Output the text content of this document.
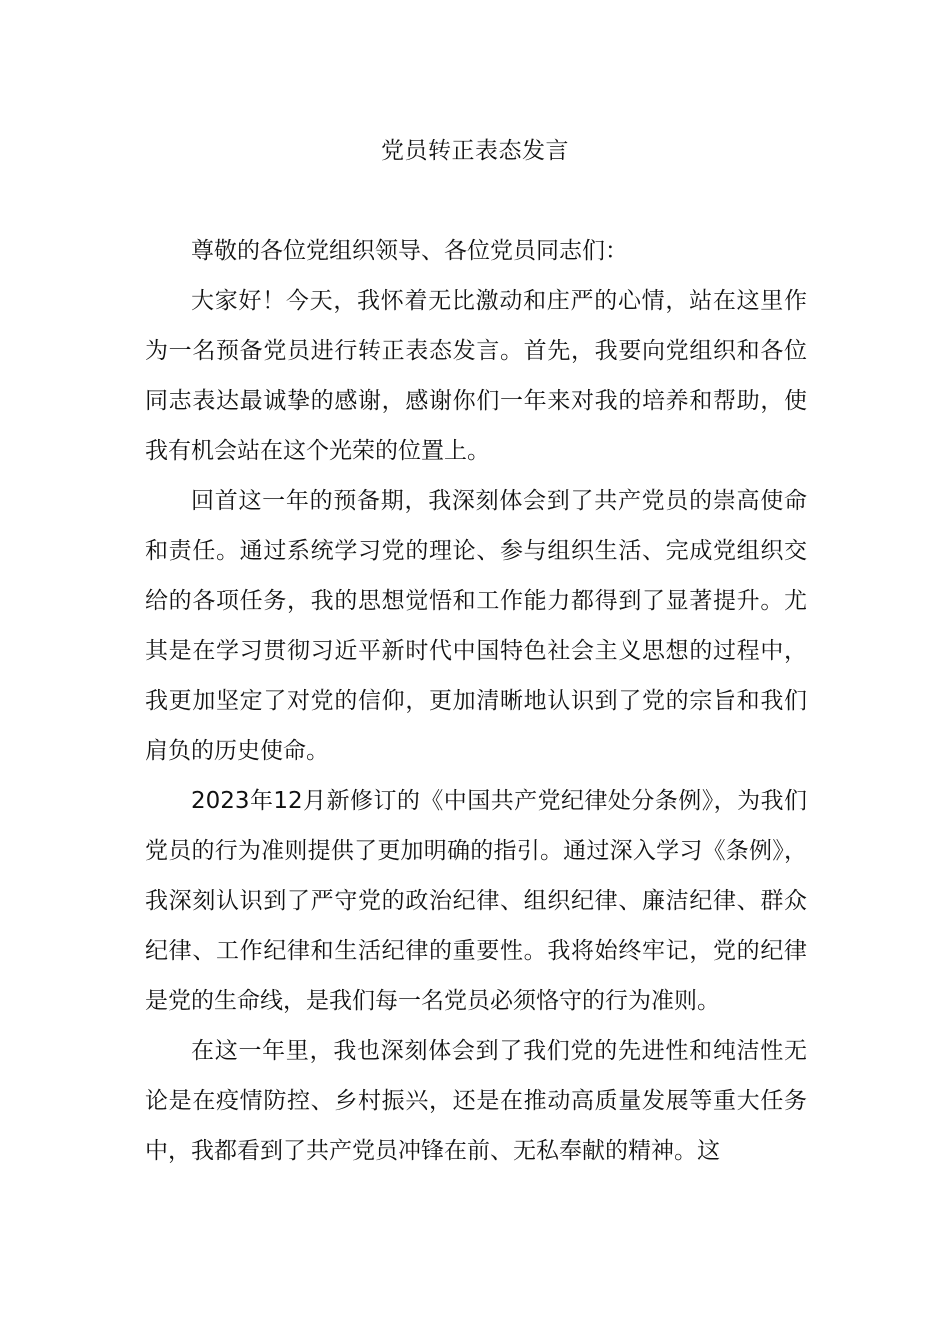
党员转正表态发言

尊敬的各位党组织领导、各位党员同志们：

大家好！今天，我怀着无比激动和庄严的心情，站在这里作为一名预备党员进行转正表态发言。首先，我要向党组织和各位同志表达最诚挚的感谢，感谢你们一年来对我的培养和帮助，使我有机会站在这个光荣的位置上。

回首这一年的预备期，我深刻体会到了共产党员的崇高使命和责任。通过系统学习党的理论、参与组织生活、完成党组织交给的各项任务，我的思想觉悟和工作能力都得到了显著提升。尤其是在学习贯彻习近平新时代中国特色社会主义思想的过程中，我更加坚定了对党的信仰，更加清晰地认识到了党的宗旨和我们肩负的历史使命。

2023年12月新修订的《中国共产党纪律处分条例》，为我们党员的行为准则提供了更加明确的指引。通过深入学习《条例》，我深刻认识到了严守党的政治纪律、组织纪律、廉洁纪律、群众纪律、工作纪律和生活纪律的重要性。我将始终牢记，党的纪律是党的生命线，是我们每一名党员必须恪守的行为准则。

在这一年里，我也深刻体会到了我们党的先进性和纯洁性无论是在疫情防控、乡村振兴，还是在推动高质量发展等重大任务中，我都看到了共产党员冲锋在前、无私奉献的精神。这
